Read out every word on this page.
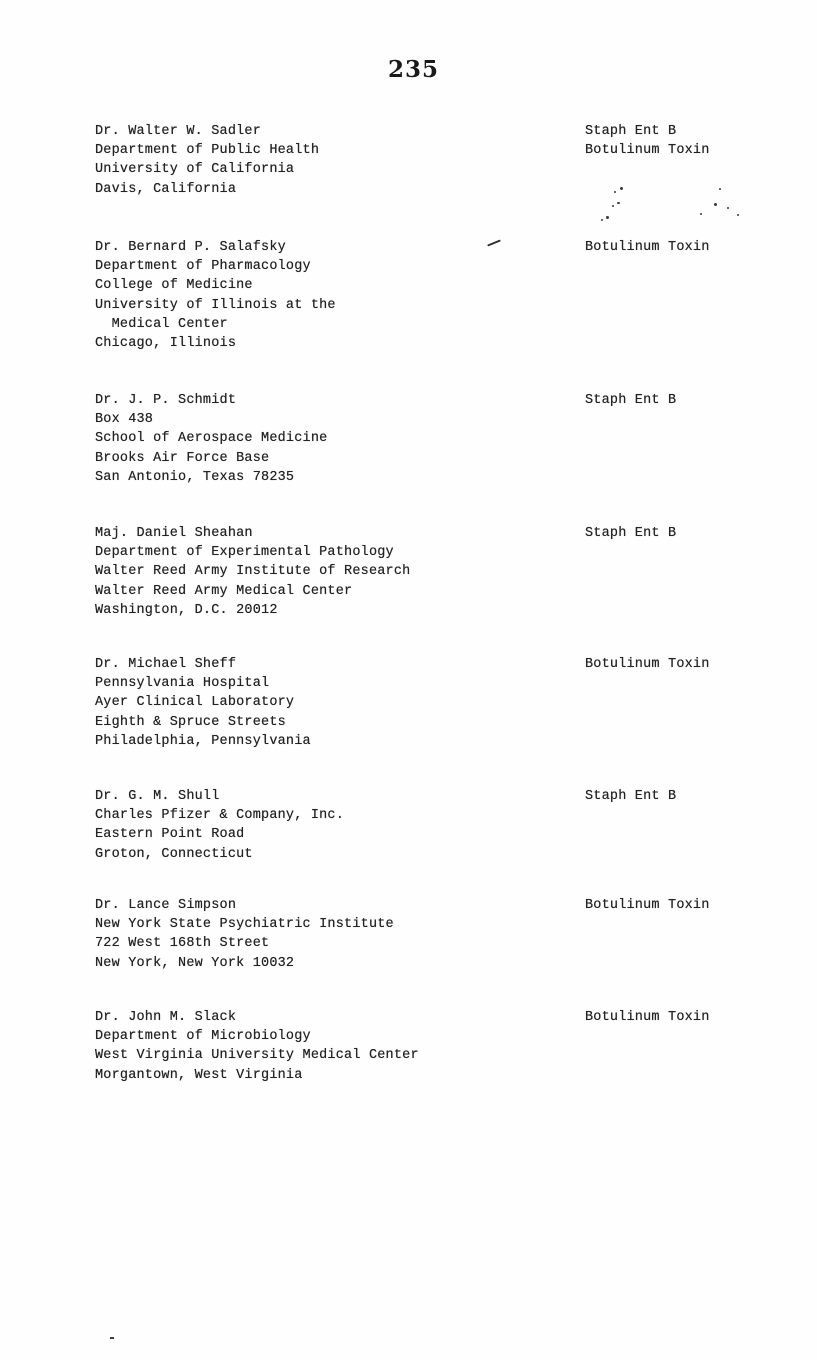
235
Dr. Walter W. Sadler
Department of Public Health
University of California
Davis, California
Staph Ent B
Botulinum Toxin
Dr. Bernard P. Salafsky
Department of Pharmacology
College of Medicine
University of Illinois at the
Medical Center
Chicago, Illinois
Botulinum Toxin
Dr. J. P. Schmidt
Box 438
School of Aerospace Medicine
Brooks Air Force Base
San Antonio, Texas 78235
Staph Ent B
Maj. Daniel Sheahan
Department of Experimental Pathology
Walter Reed Army Institute of Research
Walter Reed Army Medical Center
Washington, D.C. 20012
Staph Ent B
Dr. Michael Sheff
Pennsylvania Hospital
Ayer Clinical Laboratory
Eighth & Spruce Streets
Philadelphia, Pennsylvania
Botulinum Toxin
Dr. G. M. Shull
Charles Pfizer & Company, Inc.
Eastern Point Road
Groton, Connecticut
Staph Ent B
Dr. Lance Simpson
New York State Psychiatric Institute
722 West 168th Street
New York, New York 10032
Botulinum Toxin
Dr. John M. Slack
Department of Microbiology
West Virginia University Medical Center
Morgantown, West Virginia
Botulinum Toxin
